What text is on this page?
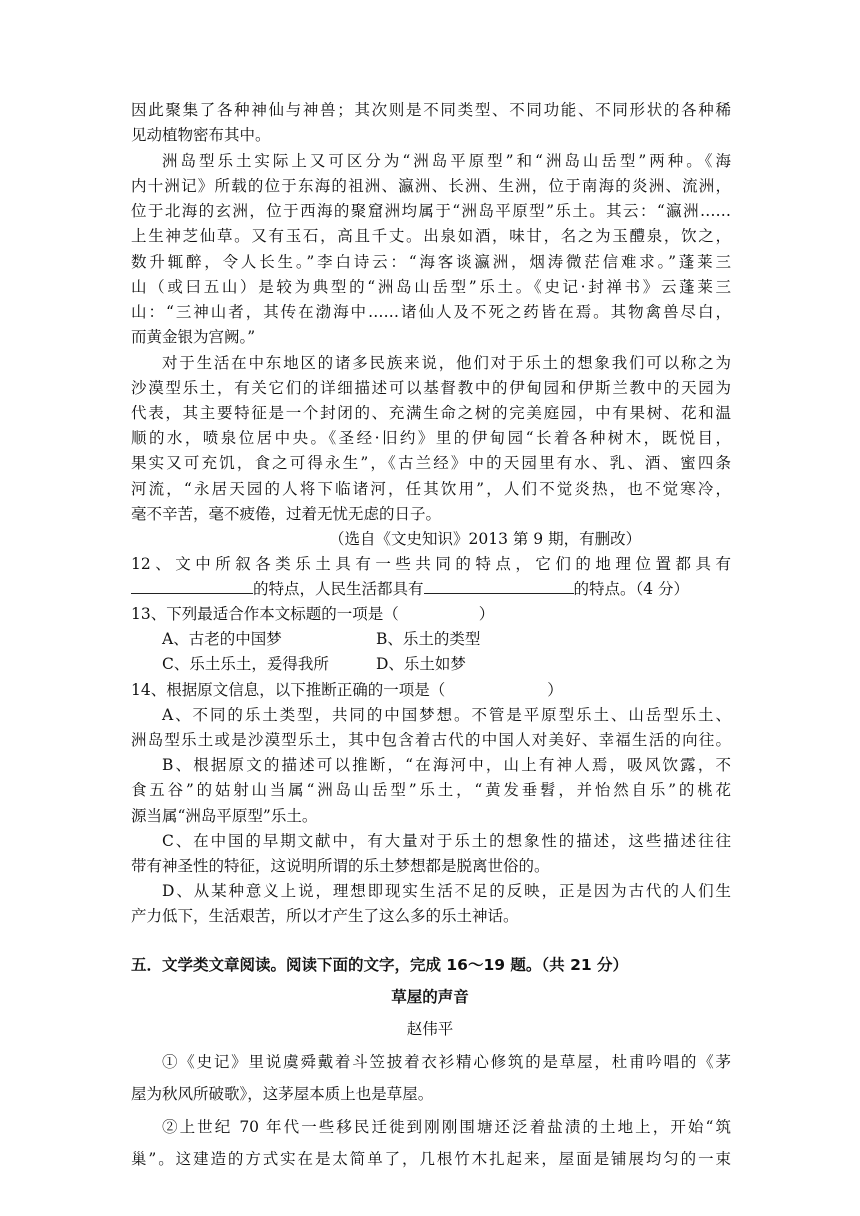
因此聚集了各种神仙与神兽；其次则是不同类型、不同功能、不同形状的各种稀
见动植物密布其中。
洲岛型乐土实际上又可区分为“洲岛平原型”和“洲岛山岳型”两种。《海
内十洲记》所载的位于东海的祖洲、瀛洲、长洲、生洲，位于南海的炎洲、流洲，
位于北海的玄洲，位于西海的聚窟洲均属于“洲岛平原型”乐土。其云：“瀛洲……
上生神芝仙草。又有玉石，高且千丈。出泉如酒，味甘，名之为玉醴泉，饮之，
数升辄醉，令人长生。”李白诗云：“海客谈瀛洲，烟涛微茫信难求。”蓬莱三
山（或曰五山）是较为典型的“洲岛山岳型”乐土。《史记·封禅书》云蓬莱三
山：“三神山者，其传在渤海中……诸仙人及不死之药皆在焉。其物禽兽尽白，
而黄金银为宫阙。”
对于生活在中东地区的诸多民族来说，他们对于乐土的想象我们可以称之为
沙漠型乐土，有关它们的详细描述可以基督教中的伊甸园和伊斯兰教中的天园为
代表，其主要特征是一个封闭的、充满生命之树的完美庭园，中有果树、花和温
顺的水，喷泉位居中央。《圣经·旧约》里的伊甸园“长着各种树木，既悦目，
果实又可充饥，食之可得永生”，《古兰经》中的天园里有水、乳、酒、蜜四条
河流，“永居天园的人将下临诸河，任其饮用”，人们不觉炎热，也不觉寒冷，
毫不辛苦，毫不疲倦，过着无忧无虑的日子。
（选自《文史知识》2013 第 9 期，有删改）
12、文中所叙各类乐土具有一些共同的特点，它们的地理位置都具有
的特点，人民生活都具有	的特点。（4 分）
13、下列最适合作本文标题的一项是（	）
A、古老的中国梦	B、乐土的类型
C、乐土乐土，爰得我所	D、乐土如梦
14、根据原文信息，以下推断正确的一项是（	）
A、不同的乐土类型，共同的中国梦想。不管是平原型乐土、山岳型乐土、
洲岛型乐土或是沙漠型乐土，其中包含着古代的中国人对美好、幸福生活的向往。
B、根据原文的描述可以推断，“在海河中，山上有神人焉，吸风饮露，不
食五谷”的姑射山当属“洲岛山岳型”乐土，“黄发垂髫，并怡然自乐”的桃花
源当属“洲岛平原型”乐土。
C、在中国的早期文献中，有大量对于乐土的想象性的描述，这些描述往往
带有神圣性的特征，这说明所谓的乐土梦想都是脱离世俗的。
D、从某种意义上说，理想即现实生活不足的反映，正是因为古代的人们生
产力低下，生活艰苦，所以才产生了这么多的乐土神话。
五．文学类文章阅读。阅读下面的文字，完成 16～19 题。（共 21 分）
草屋的声音
赵伟平
①《史记》里说虞舜戴着斗笠披着衣衫精心修筑的是草屋，杜甫吟唱的《茅
屋为秋风所破歌》，这茅屋本质上也是草屋。
②上世纪 70 年代一些移民迁徙到刚刚围塘还泛着盐渍的土地上，开始“筑
巢”。这建造的方式实在是太简单了，几根竹木扎起来，屋面是铺展均匀的一束
